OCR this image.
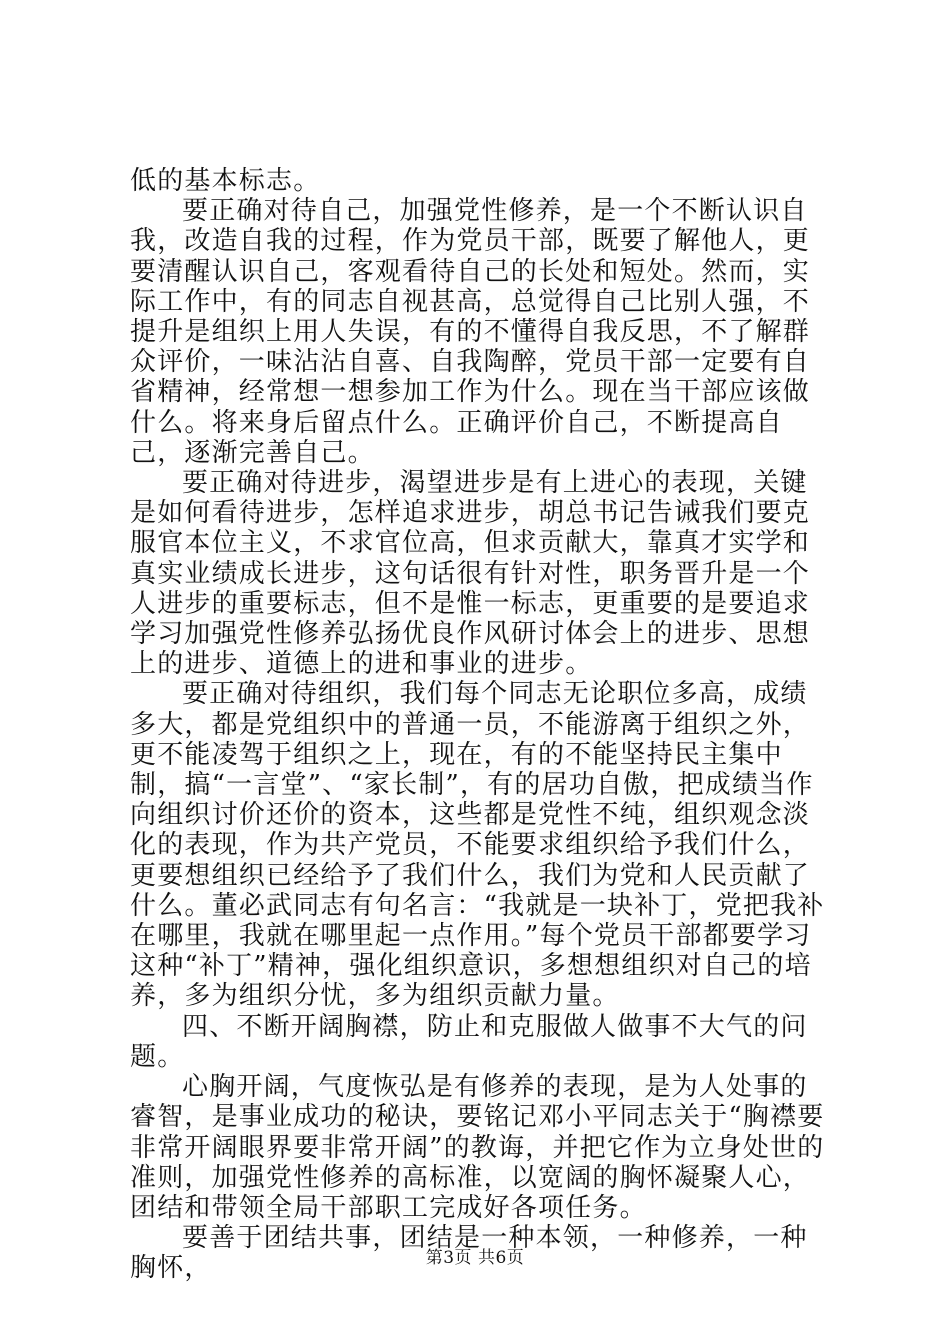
低的基本标志。

要正确对待自己，加强党性修养，是一个不断认识自我，改造自我的过程，作为党员干部，既要了解他人，更要清醒认识自己，客观看待自己的长处和短处。然而，实际工作中，有的同志自视甚高，总觉得自己比别人强，不提升是组织上用人失误，有的不懂得自我反思，不了解群众评价，一味沾沾自喜、自我陶醉，党员干部一定要有自省精神，经常想一想参加工作为什么。现在当干部应该做什么。将来身后留点什么。正确评价自己，不断提高自己，逐渐完善自己。

要正确对待进步，渴望进步是有上进心的表现，关键是如何看待进步，怎样追求进步，胡总书记告诫我们要克服官本位主义，不求官位高，但求贡献大，靠真才实学和真实业绩成长进步，这句话很有针对性，职务晋升是一个人进步的重要标志，但不是惟一标志，更重要的是要追求学习加强党性修养弘扬优良作风研讨体会上的进步、思想上的进步、道德上的进和事业的进步。

要正确对待组织，我们每个同志无论职位多高，成绩多大，都是党组织中的普通一员，不能游离于组织之外，更不能凌驾于组织之上，现在，有的不能坚持民主集中制，搞“一言堂”、“家长制”，有的居功自傲，把成绩当作向组织讨价还价的资本，这些都是党性不纯，组织观念淡化的表现，作为共产党员，不能要求组织给予我们什么，更要想组织已经给予了我们什么，我们为党和人民贡献了什么。董必武同志有句名言：“我就是一块补丁，党把我补在哪里，我就在哪里起一点作用。”每个党员干部都要学习这种“补丁”精神，强化组织意识，多想想组织对自己的培养，多为组织分忧，多为组织贡献力量。

四、不断开阔胸襟，防止和克服做人做事不大气的问题。

心胸开阔，气度恢弘是有修养的表现，是为人处事的睿智，是事业成功的秘诀，要铭记邓小平同志关于“胸襟要非常开阔眼界要非常开阔”的教诲，并把它作为立身处世的准则，加强党性修养的高标准，以宽阔的胸怀凝聚人心，团结和带领全局干部职工完成好各项任务。

要善于团结共事，团结是一种本领，一种修养，一种胸怀，	第3页 共6页
